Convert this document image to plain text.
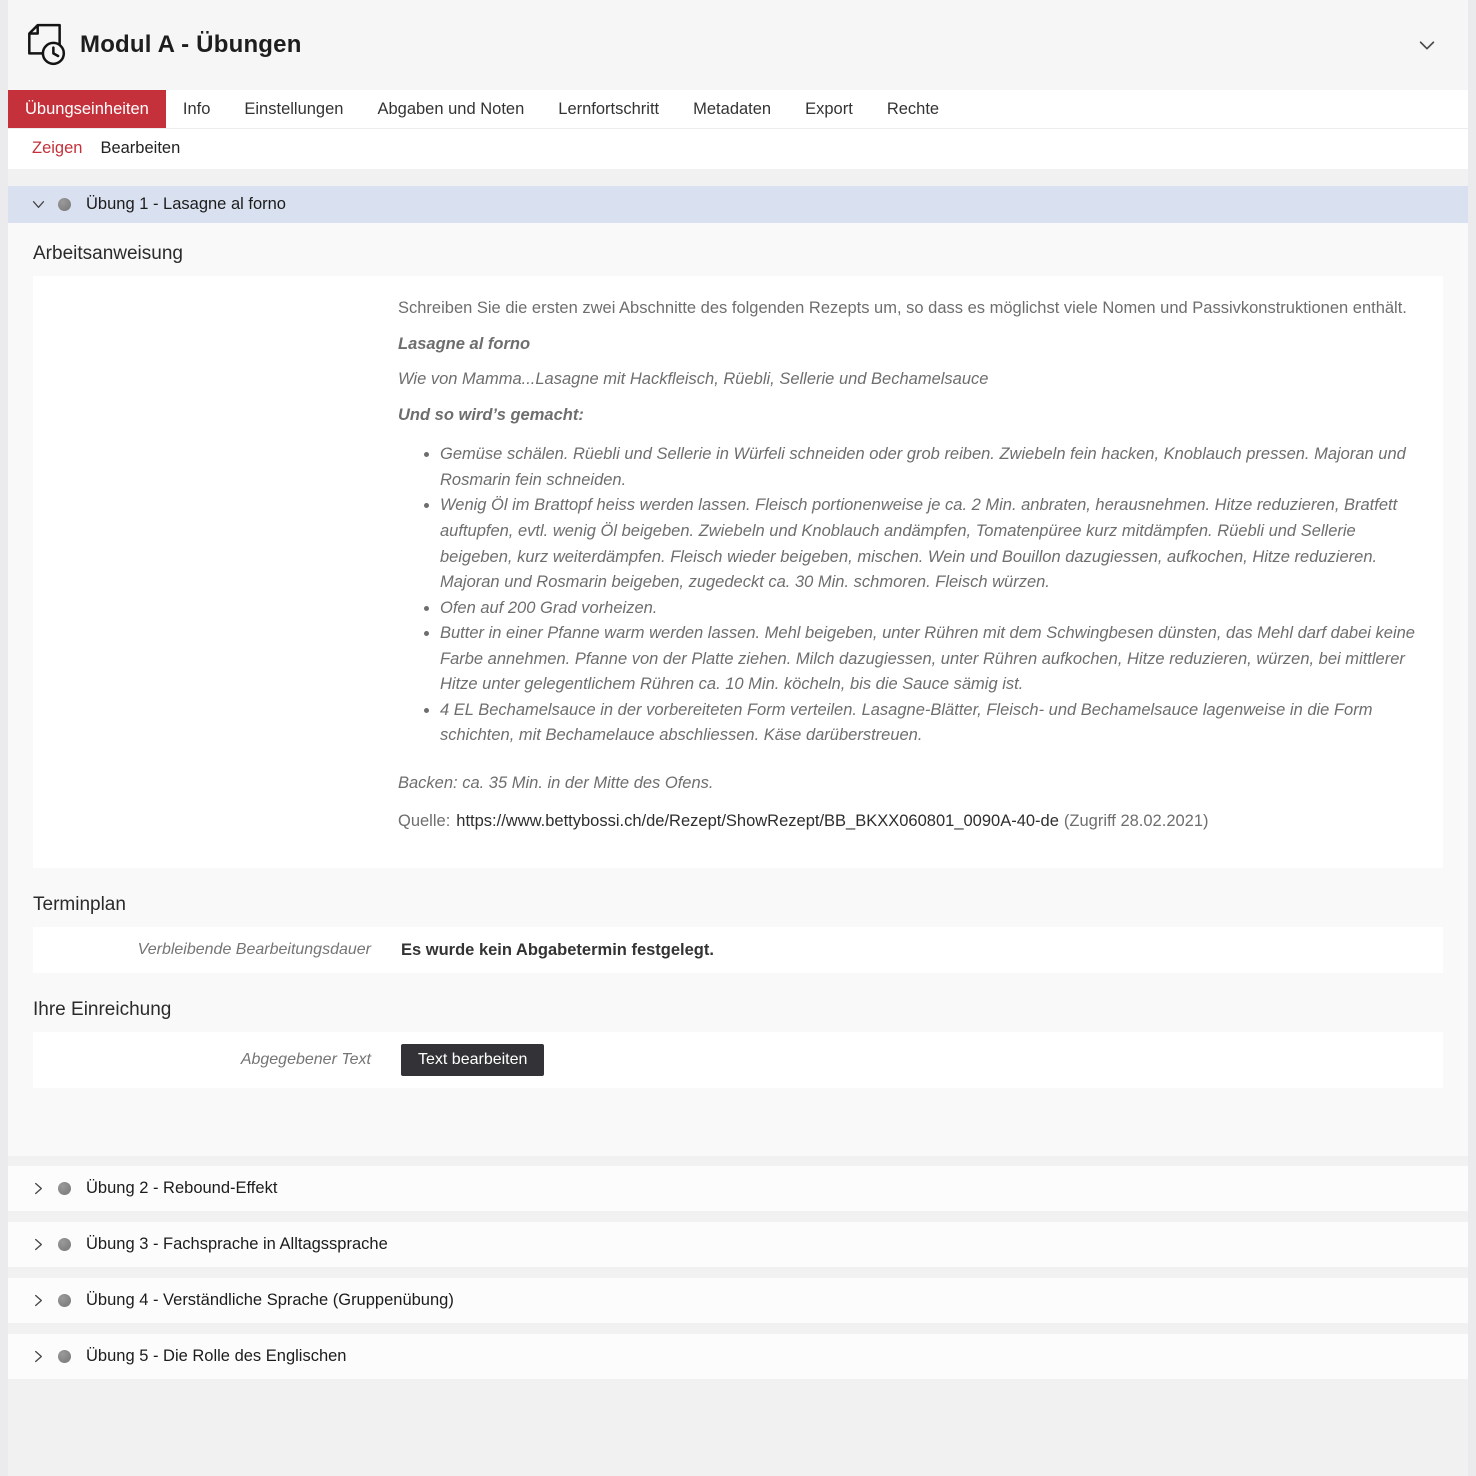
Modul A - Übungen
Übungseinheiten	Info	Einstellungen	Abgaben und Noten	Lernfortschritt	Metadaten	Export	Rechte
Zeigen Bearbeiten
Übung 1 - Lasagne al forno
Arbeitsanweisung

Schreiben Sie die ersten zwei Abschnitte des folgenden Rezepts um, so dass es möglichst viele Nomen und Passivkonstruktionen enthält.

Lasagne al forno

Wie von Mamma...Lasagne mit Hackfleisch, Rüebli, Sellerie und Bechamelsauce

Und so wird’s gemacht:

• Gemüse schälen. Rüebli und Sellerie in Würfeli schneiden oder grob reiben. Zwiebeln fein hacken, Knoblauch pressen. Majoran und Rosmarin fein schneiden.
• Wenig Öl im Brattopf heiss werden lassen. Fleisch portionenweise je ca. 2 Min. anbraten, herausnehmen. Hitze reduzieren, Bratfett auftupfen, evtl. wenig Öl beigeben. Zwiebeln und Knoblauch andämpfen, Tomatenpüree kurz mitdämpfen. Rüebli und Sellerie beigeben, kurz weiterdämpfen. Fleisch wieder beigeben, mischen. Wein und Bouillon dazugiessen, aufkochen, Hitze reduzieren. Majoran und Rosmarin beigeben, zugedeckt ca. 30 Min. schmoren. Fleisch würzen.
• Ofen auf 200 Grad vorheizen.
• Butter in einer Pfanne warm werden lassen. Mehl beigeben, unter Rühren mit dem Schwingbesen dünsten, das Mehl darf dabei keine Farbe annehmen. Pfanne von der Platte ziehen. Milch dazugiessen, unter Rühren aufkochen, Hitze reduzieren, würzen, bei mittlerer Hitze unter gelegentlichem Rühren ca. 10 Min. köcheln, bis die Sauce sämig ist.
• 4 EL Bechamelsauce in der vorbereiteten Form verteilen. Lasagne-Blätter, Fleisch- und Bechamelsauce lagenweise in die Form schichten, mit Bechamelauce abschliessen. Käse darüberstreuen.

Backen: ca. 35 Min. in der Mitte des Ofens.

Quelle: https://www.bettybossi.ch/de/Rezept/ShowRezept/BB_BKXX060801_0090A-40-de (Zugriff 28.02.2021)

Terminplan
Verbleibende Bearbeitungsdauer	Es wurde kein Abgabetermin festgelegt.
Ihre Einreichung
Abgegebener Text	Text bearbeiten
Übung 2 - Rebound-Effekt
Übung 3 - Fachsprache in Alltagssprache
Übung 4 - Verständliche Sprache (Gruppenübung)
Übung 5 - Die Rolle des Englischen
